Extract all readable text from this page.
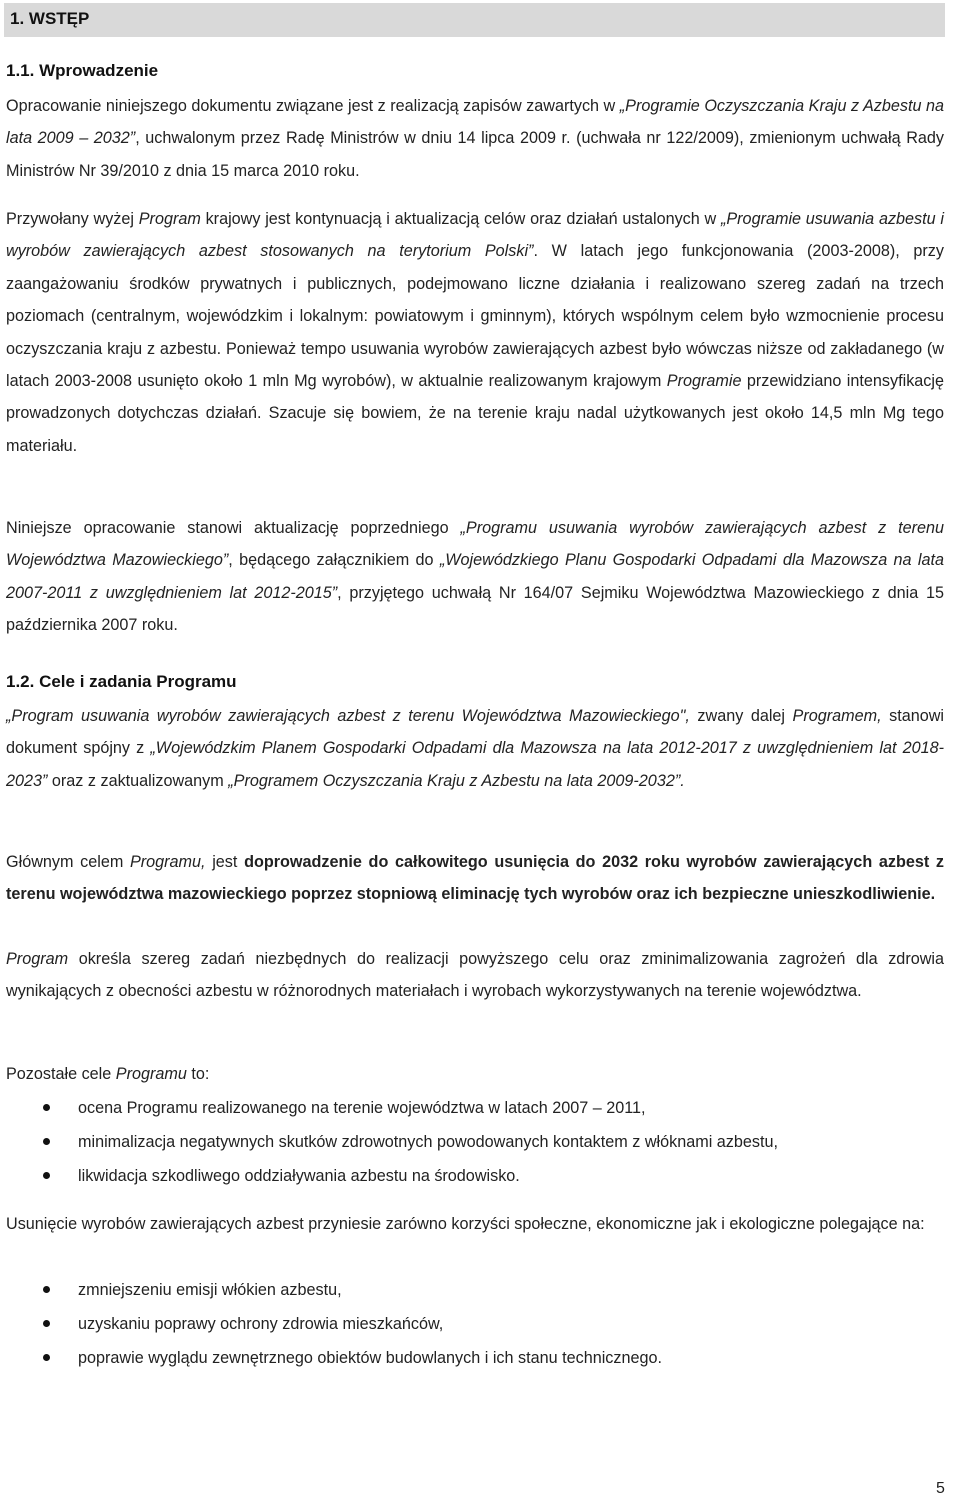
1. WSTĘP
1.1. Wprowadzenie
Opracowanie niniejszego dokumentu związane jest z realizacją zapisów zawartych w „Programie Oczyszczania Kraju z Azbestu na lata 2009 – 2032”, uchwalonym przez Radę Ministrów w dniu 14 lipca 2009 r. (uchwała nr 122/2009), zmienionym uchwałą Rady Ministrów Nr 39/2010 z dnia 15 marca 2010 roku.
Przywołany wyżej Program krajowy jest kontynuacją i aktualizacją celów oraz działań ustalonych w „Programie usuwania azbestu i wyrobów zawierających azbest stosowanych na terytorium Polski”. W latach jego funkcjonowania (2003-2008), przy zaangażowaniu środków prywatnych i publicznych, podejmowano liczne działania i realizowano szereg zadań na trzech poziomach (centralnym, wojewódzkim i lokalnym: powiatowym i gminnym), których wspólnym celem było wzmocnienie procesu oczyszczania kraju z azbestu. Ponieważ tempo usuwania wyrobów zawierających azbest było wówczas niższe od zakładanego (w latach 2003-2008 usunięto około 1 mln Mg wyrobów), w aktualnie realizowanym krajowym Programie przewidziano intensyfikację prowadzonych dotychczas działań. Szacuje się bowiem, że na terenie kraju nadal użytkowanych jest około 14,5 mln Mg tego materiału.
Niniejsze opracowanie stanowi aktualizację poprzedniego „Programu usuwania wyrobów zawierających azbest z terenu Województwa Mazowieckiego”, będącego załącznikiem do „Wojewódzkiego Planu Gospodarki Odpadami dla Mazowsza na lata 2007-2011 z uwzględnieniem lat 2012-2015”, przyjętego uchwałą Nr 164/07 Sejmiku Województwa Mazowieckiego z dnia 15 października 2007 roku.
1.2. Cele i zadania Programu
„Program usuwania wyrobów zawierających azbest z terenu Województwa Mazowieckiego", zwany dalej Programem, stanowi dokument spójny z „Wojewódzkim Planem Gospodarki Odpadami dla Mazowsza na lata 2012-2017 z uwzględnieniem lat 2018-2023” oraz z zaktualizowanym „Programem Oczyszczania Kraju z Azbestu na lata 2009-2032”.
Głównym celem Programu, jest doprowadzenie do całkowitego usunięcia do 2032 roku wyrobów zawierających azbest z terenu województwa mazowieckiego poprzez stopniową eliminację tych wyrobów oraz ich bezpieczne unieszkodliwienie.
Program określa szereg zadań niezbędnych do realizacji powyższego celu oraz zminimalizowania zagrożeń dla zdrowia wynikających z obecności azbestu w różnorodnych materiałach i wyrobach wykorzystywanych na terenie województwa.
Pozostałe cele Programu to:
ocena Programu realizowanego na terenie województwa w latach 2007 – 2011,
minimalizacja negatywnych skutków zdrowotnych powodowanych kontaktem z włóknami azbestu,
likwidacja szkodliwego oddziaływania azbestu na środowisko.
Usunięcie wyrobów zawierających azbest przyniesie zarówno korzyści społeczne, ekonomiczne jak i ekologiczne polegające na:
zmniejszeniu emisji włókien azbestu,
uzyskaniu poprawy ochrony zdrowia mieszkańców,
poprawie wyglądu zewnętrznego obiektów budowlanych i ich stanu technicznego.
5
